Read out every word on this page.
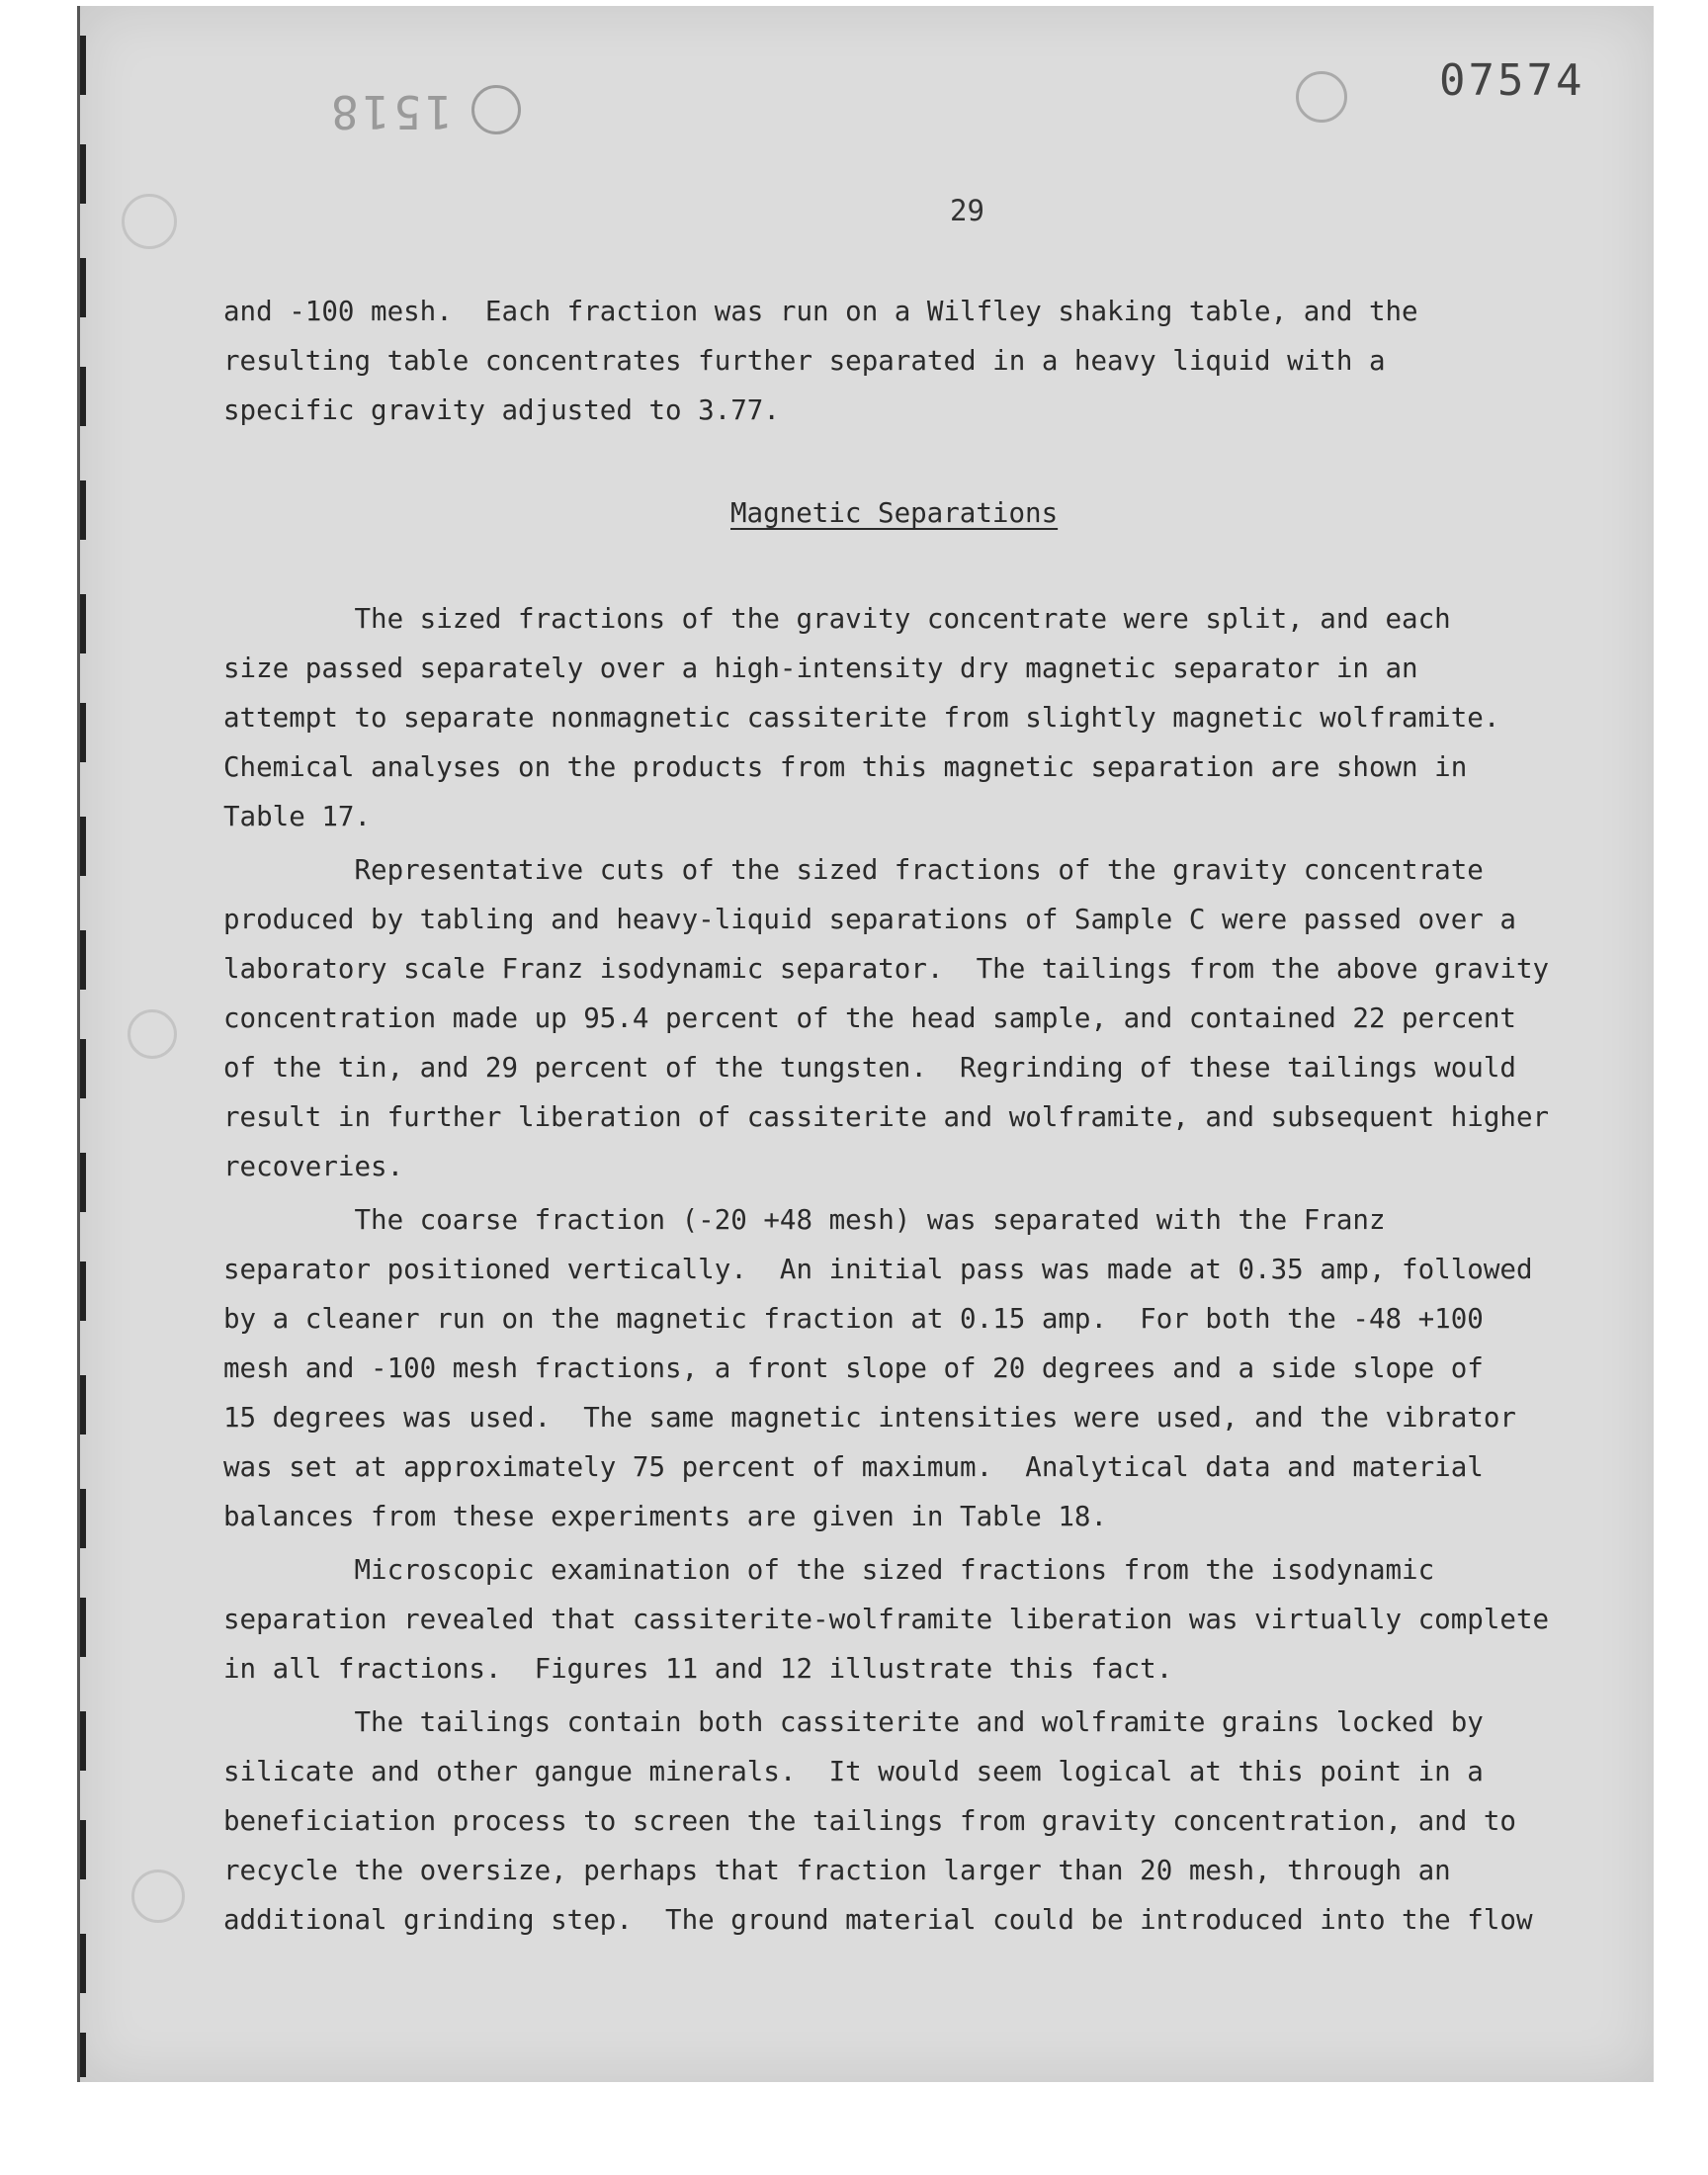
1518
07574
29
Magnetic Separations
and -100 mesh.  Each fraction was run on a Wilfley shaking table, and the
resulting table concentrates further separated in a heavy liquid with a
specific gravity adjusted to 3.77.
The sized fractions of the gravity concentrate were split, and each
size passed separately over a high-intensity dry magnetic separator in an
attempt to separate nonmagnetic cassiterite from slightly magnetic wolframite.
Chemical analyses on the products from this magnetic separation are shown in
Table 17.
Representative cuts of the sized fractions of the gravity concentrate
produced by tabling and heavy-liquid separations of Sample C were passed over a
laboratory scale Franz isodynamic separator.  The tailings from the above gravity
concentration made up 95.4 percent of the head sample, and contained 22 percent
of the tin, and 29 percent of the tungsten.  Regrinding of these tailings would
result in further liberation of cassiterite and wolframite, and subsequent higher
recoveries.
The coarse fraction (-20 +48 mesh) was separated with the Franz
separator positioned vertically.  An initial pass was made at 0.35 amp, followed
by a cleaner run on the magnetic fraction at 0.15 amp.  For both the -48 +100
mesh and -100 mesh fractions, a front slope of 20 degrees and a side slope of
15 degrees was used.  The same magnetic intensities were used, and the vibrator
was set at approximately 75 percent of maximum.  Analytical data and material
balances from these experiments are given in Table 18.
Microscopic examination of the sized fractions from the isodynamic
separation revealed that cassiterite-wolframite liberation was virtually complete
in all fractions.  Figures 11 and 12 illustrate this fact.
The tailings contain both cassiterite and wolframite grains locked by
silicate and other gangue minerals.  It would seem logical at this point in a
beneficiation process to screen the tailings from gravity concentration, and to
recycle the oversize, perhaps that fraction larger than 20 mesh, through an
additional grinding step.  The ground material could be introduced into the flow
